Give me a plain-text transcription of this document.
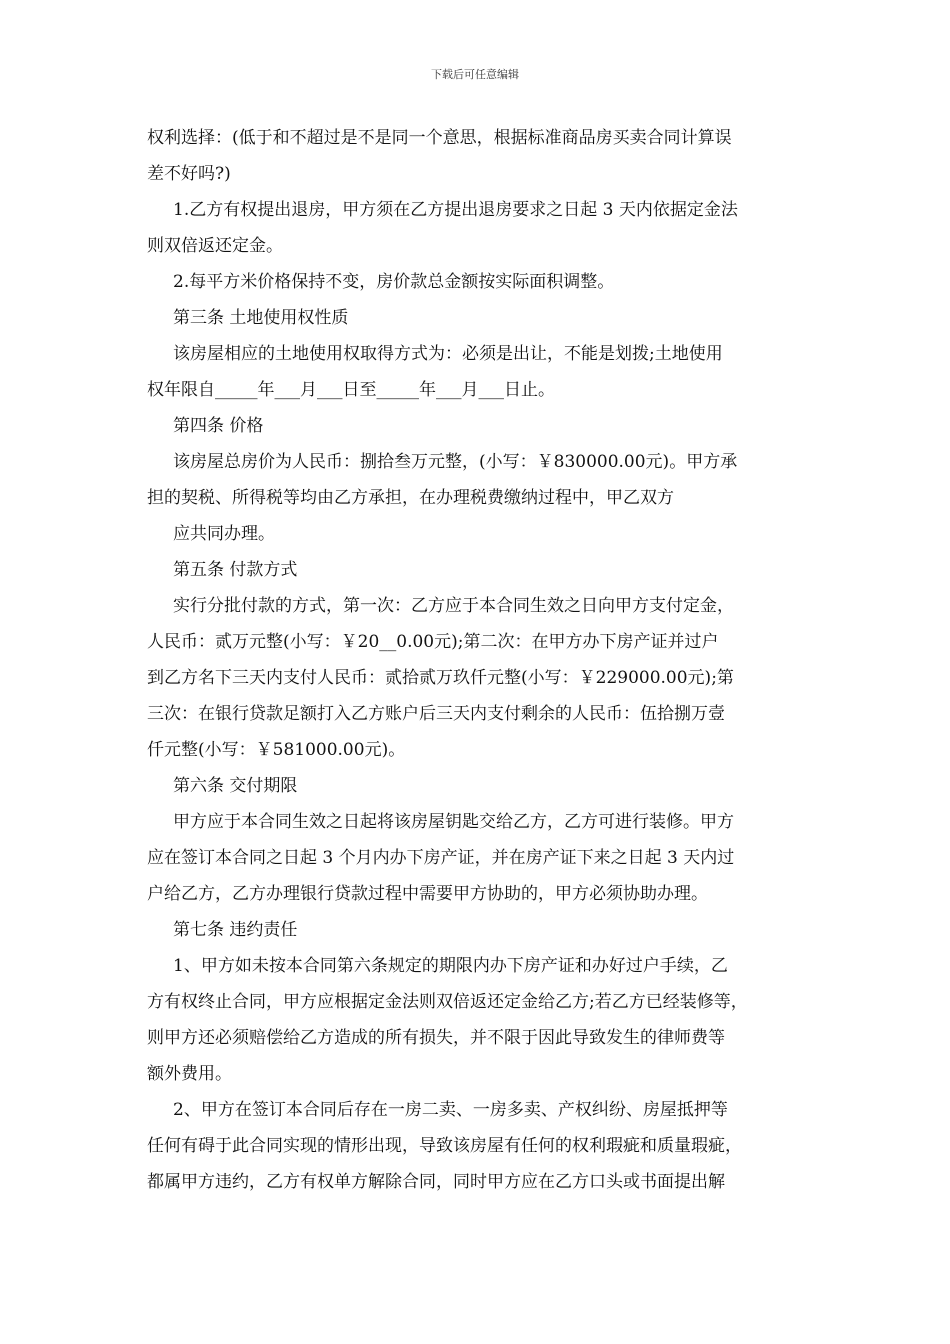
下载后可任意编辑
权利选择：(低于和不超过是不是同一个意思，根据标准商品房买卖合同计算误
差不好吗?)
1.乙方有权提出退房，甲方须在乙方提出退房要求之日起 3 天内依据定金法
则双倍返还定金。
2.每平方米价格保持不变，房价款总金额按实际面积调整。
第三条 土地使用权性质
该房屋相应的土地使用权取得方式为：必须是出让，不能是划拨;土地使用
权年限自_____年___月___日至_____年___月___日止。
第四条 价格
该房屋总房价为人民币：捌拾叁万元整，(小写：￥830000.00元)。甲方承
担的契税、所得税等均由乙方承担，在办理税费缴纳过程中，甲乙双方
应共同办理。
第五条 付款方式
实行分批付款的方式，第一次：乙方应于本合同生效之日向甲方支付定金，
人民币：贰万元整(小写：￥20__0.00元);第二次：在甲方办下房产证并过户
到乙方名下三天内支付人民币：贰拾贰万玖仟元整(小写：￥229000.00元);第
三次：在银行贷款足额打入乙方账户后三天内支付剩余的人民币：伍拾捌万壹
仟元整(小写：￥581000.00元)。
第六条 交付期限
甲方应于本合同生效之日起将该房屋钥匙交给乙方，乙方可进行装修。甲方
应在签订本合同之日起 3 个月内办下房产证，并在房产证下来之日起 3 天内过
户给乙方，乙方办理银行贷款过程中需要甲方协助的，甲方必须协助办理。
第七条 违约责任
1、甲方如未按本合同第六条规定的期限内办下房产证和办好过户手续，乙
方有权终止合同，甲方应根据定金法则双倍返还定金给乙方;若乙方已经装修等，
则甲方还必须赔偿给乙方造成的所有损失，并不限于因此导致发生的律师费等
额外费用。
2、甲方在签订本合同后存在一房二卖、一房多卖、产权纠纷、房屋抵押等
任何有碍于此合同实现的情形出现，导致该房屋有任何的权利瑕疵和质量瑕疵，
都属甲方违约，乙方有权单方解除合同，同时甲方应在乙方口头或书面提出解
